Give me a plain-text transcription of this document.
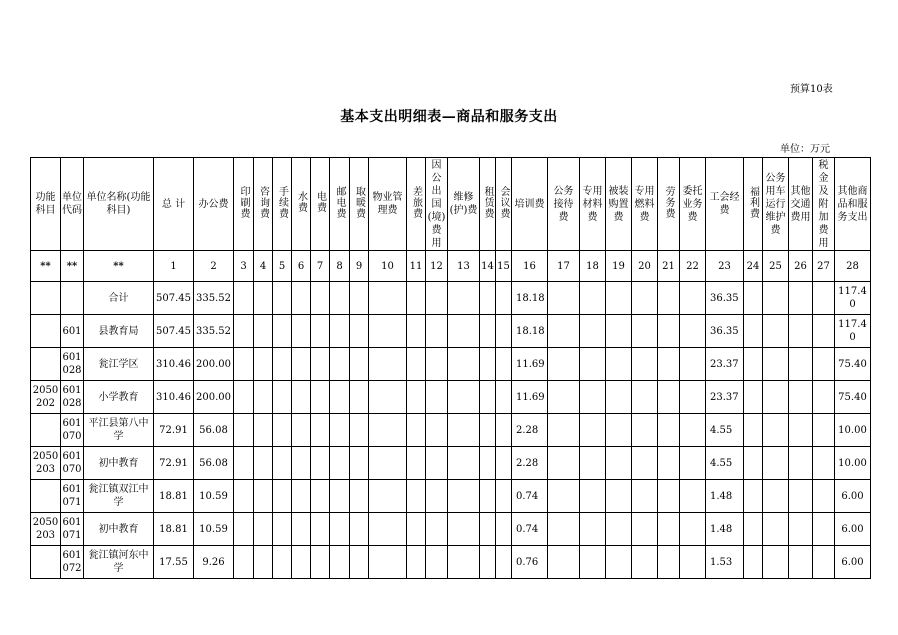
预算10表
基本支出明细表—商品和服务支出
单位：万元
功能科目	单位代码	单位名称(功能科目)	总 计	办公费	印刷费	咨询费	手续费	水费	电费	邮电费	取暖费	物业管理费	差旅费	因公出国(境)费用	维修(护)费	租赁费	会议费	培训费	公务接待费	专用材料费	被装购置费	专用燃料费	劳务费	委托业务费	工会经费	福利费	公务用车运行维护费	其他交通费用	税金及附加费用	其他商品和服务支出
**	**	**	1	2	3	4	5	6	7	8	9	10	11	12	13	14	15	16	17	18	19	20	21	22	23	24	25	26	27	28
		合计	507.45	335.52														18.18							36.35					117.40
	601	县教育局	507.45	335.52														18.18							36.35					117.40
	601028	瓮江学区	310.46	200.00														11.69							23.37					75.40
2050202	601028	小学教育	310.46	200.00														11.69							23.37					75.40
	601070	平江县第八中学	72.91	56.08														2.28							4.55					10.00
2050203	601070	初中教育	72.91	56.08														2.28							4.55					10.00
	601071	瓮江镇双江中学	18.81	10.59														0.74							1.48					6.00
2050203	601071	初中教育	18.81	10.59														0.74							1.48					6.00
	601072	瓮江镇河东中学	17.55	9.26														0.76							1.53					6.00
